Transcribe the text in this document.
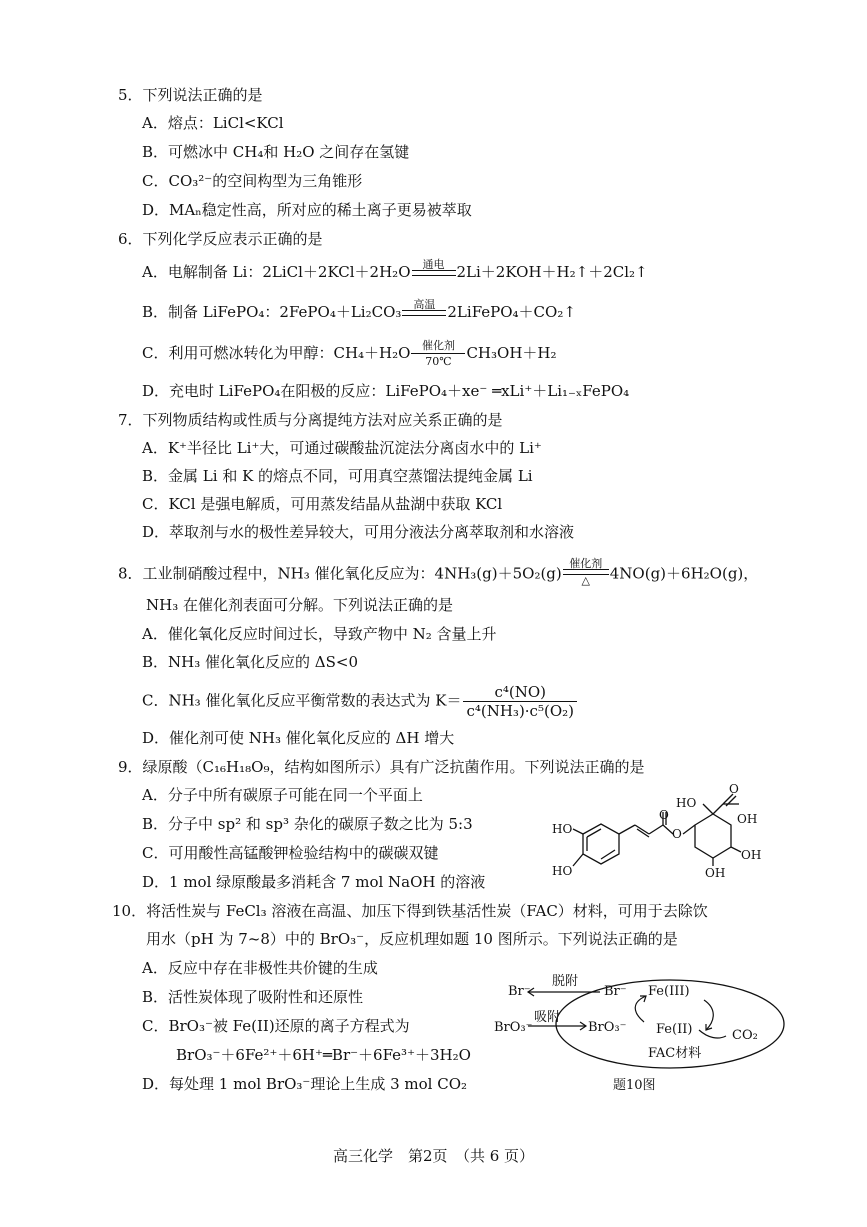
5．下列说法正确的是
A．熔点：LiCl<KCl
B．可燃冰中 CH₄和 H₂O 之间存在氢键
C．CO₃²⁻的空间构型为三角锥形
D．MAₙ稳定性高，所对应的稀土离子更易被萃取
6．下列化学反应表示正确的是
A．电解制备 Li：2LiCl＋2KCl＋2H₂O	通电 2Li＋2KOH＋H₂↑＋2Cl₂↑
B．制备 LiFePO₄：2FePO₄＋Li₂CO₃	高温 2LiFePO₄＋CO₂↑
C．利用可燃冰转化为甲醇：CH₄＋H₂O	催化剂
70℃ CH₃OH＋H₂
D．充电时 LiFePO₄在阳极的反应：LiFePO₄＋xe⁻ ═xLi⁺＋Li₁₋ₓFePO₄
7．下列物质结构或性质与分离提纯方法对应关系正确的是
A．K⁺半径比 Li⁺大，可通过碳酸盐沉淀法分离卤水中的 Li⁺
B．金属 Li 和 K 的熔点不同，可用真空蒸馏法提纯金属 Li
C．KCl 是强电解质，可用蒸发结晶从盐湖中获取 KCl
D．萃取剂与水的极性差异较大，可用分液法分离萃取剂和水溶液
8．工业制硝酸过程中，NH₃ 催化氧化反应为：4NH₃(g)＋5O₂(g)
催化剂
△	4NO(g)＋6H₂O(g)，
NH₃ 在催化剂表面可分解。下列说法正确的是
A．催化氧化反应时间过长，导致产物中 N₂ 含量上升
B．NH₃ 催化氧化反应的 ΔS<0
C．NH₃ 催化氧化反应平衡常数的表达式为 $K= \frac{\text{c⁴(NO)}}{\text{c⁴(NH₃)·c⁵(O₂)}}$
D．催化剂可使 NH₃ 催化氧化反应的 ΔH 增大
9．绿原酸（C₁₆H₁₈O₉，结构如图所示）具有广泛抗菌作用。下列说法正确的是
A．分子中所有碳原子可能在同一个平面上
B．分子中 sp² 和 sp³ 杂化的碳原子数之比为 5:3
C．可用酸性高锰酸钾检验结构中的碳碳双键
D．1 mol 绿原酸最多消耗含 7 mol NaOH 的溶液
HO
OH
O
O
O
HO
HO
OH
OH
10．将活性炭与 FeCl₃ 溶液在高温、加压下得到铁基活性炭（FAC）材料，可用于去除饮
用水（pH 为 7~8）中的 BrO₃⁻，反应机理如题 10 图所示。下列说法正确的是
A．反应中存在非极性共价键的生成
B．活性炭体现了吸附性和还原性
C．BrO₃⁻被 Fe(II)还原的离子方程式为
BrO₃⁻＋6Fe²⁺＋6H⁺═Br⁻＋6Fe³⁺＋3H₂O
D．每处理 1 mol BrO₃⁻理论上生成 3 mol CO₂
Br⁻
脱附
Br⁻ Fe(III)
BrO₃⁻
吸附
BrO₃⁻ Fe(II)	CO₂
FAC材料
题10图
高三化学　第2页　（共 6 页）
